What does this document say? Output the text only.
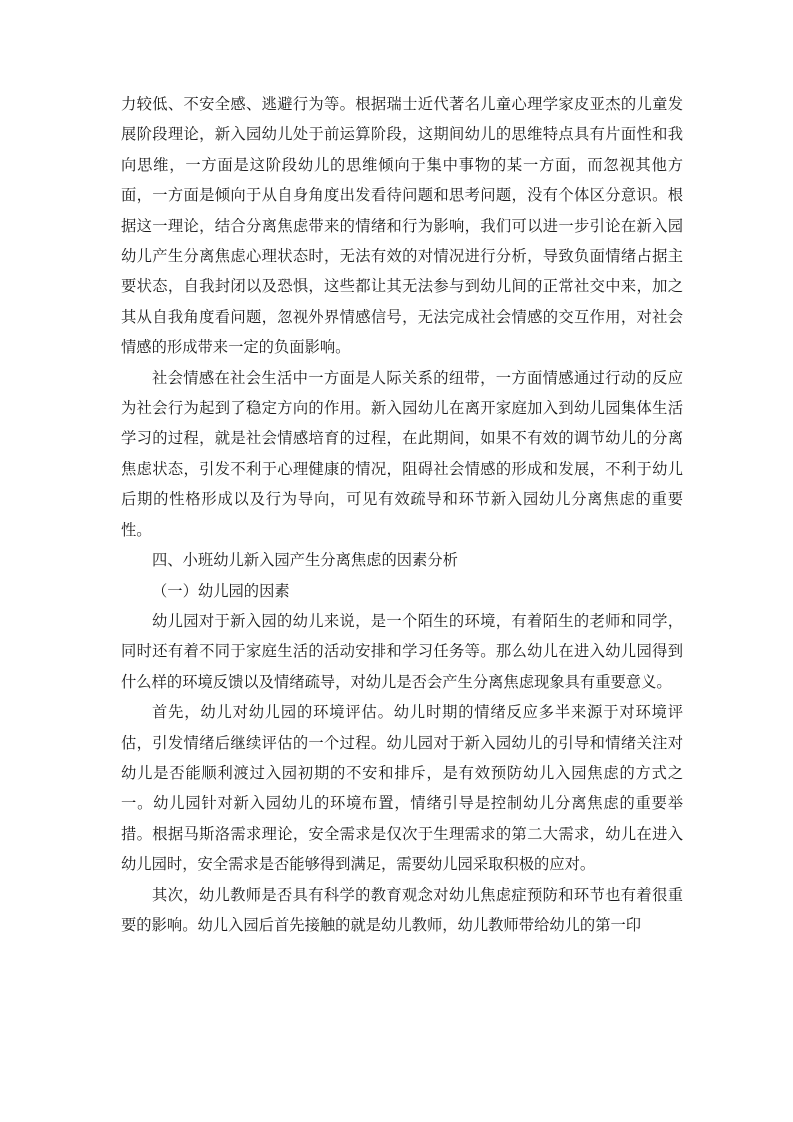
力较低、不安全感、逃避行为等。根据瑞士近代著名儿童心理学家皮亚杰的儿童发展阶段理论，新入园幼儿处于前运算阶段，这期间幼儿的思维特点具有片面性和我向思维，一方面是这阶段幼儿的思维倾向于集中事物的某一方面，而忽视其他方面，一方面是倾向于从自身角度出发看待问题和思考问题，没有个体区分意识。根据这一理论，结合分离焦虑带来的情绪和行为影响，我们可以进一步引论在新入园幼儿产生分离焦虑心理状态时，无法有效的对情况进行分析，导致负面情绪占据主要状态，自我封闭以及恐惧，这些都让其无法参与到幼儿间的正常社交中来，加之其从自我角度看问题，忽视外界情感信号，无法完成社会情感的交互作用，对社会情感的形成带来一定的负面影响。

社会情感在社会生活中一方面是人际关系的纽带，一方面情感通过行动的反应为社会行为起到了稳定方向的作用。新入园幼儿在离开家庭加入到幼儿园集体生活学习的过程，就是社会情感培育的过程，在此期间，如果不有效的调节幼儿的分离焦虑状态，引发不利于心理健康的情况，阻碍社会情感的形成和发展，不利于幼儿后期的性格形成以及行为导向，可见有效疏导和环节新入园幼儿分离焦虑的重要性。

四、小班幼儿新入园产生分离焦虑的因素分析

（一）幼儿园的因素

幼儿园对于新入园的幼儿来说，是一个陌生的环境，有着陌生的老师和同学，同时还有着不同于家庭生活的活动安排和学习任务等。那么幼儿在进入幼儿园得到什么样的环境反馈以及情绪疏导，对幼儿是否会产生分离焦虑现象具有重要意义。

首先，幼儿对幼儿园的环境评估。幼儿时期的情绪反应多半来源于对环境评估，引发情绪后继续评估的一个过程。幼儿园对于新入园幼儿的引导和情绪关注对幼儿是否能顺利渡过入园初期的不安和排斥，是有效预防幼儿入园焦虑的方式之一。幼儿园针对新入园幼儿的环境布置，情绪引导是控制幼儿分离焦虑的重要举措。根据马斯洛需求理论，安全需求是仅次于生理需求的第二大需求，幼儿在进入幼儿园时，安全需求是否能够得到满足，需要幼儿园采取积极的应对。

其次，幼儿教师是否具有科学的教育观念对幼儿焦虑症预防和环节也有着很重要的影响。幼儿入园后首先接触的就是幼儿教师，幼儿教师带给幼儿的第一印
